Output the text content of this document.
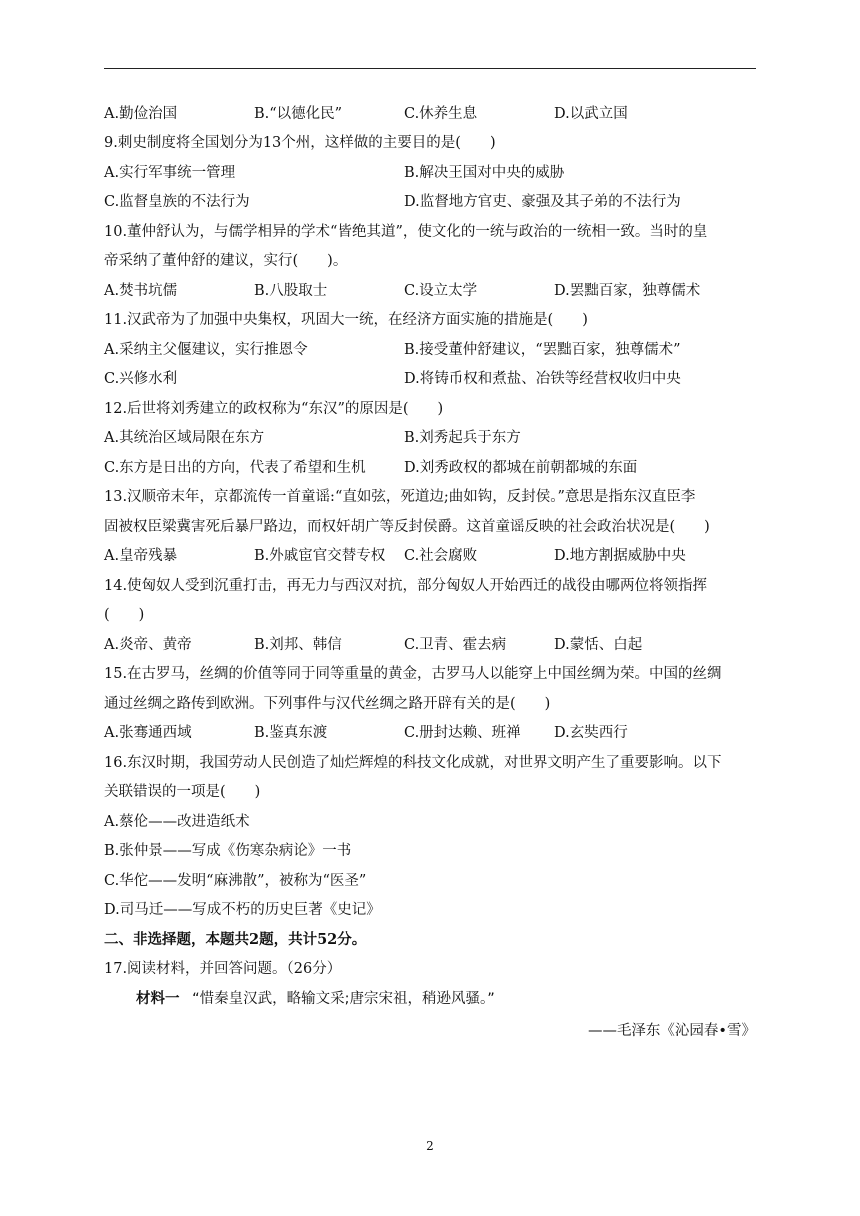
A.勤俭治国	B.“以德化民”	C.休养生息	D.以武立国
9.刺史制度将全国划分为13个州，这样做的主要目的是(　　)
A.实行军事统一管理	B.解决王国对中央的威胁
C.监督皇族的不法行为	D.监督地方官吏、豪强及其子弟的不法行为
10.董仲舒认为，与儒学相异的学术“皆绝其道”，使文化的一统与政治的一统相一致。当时的皇
帝采纳了董仲舒的建议，实行(　　)。
A.焚书坑儒	B.八股取士	C.设立太学	D.罢黜百家，独尊儒术
11.汉武帝为了加强中央集权，巩固大一统，在经济方面实施的措施是(　　)
A.采纳主父偃建议，实行推恩令	B.接受董仲舒建议，“罢黜百家，独尊儒术”
C.兴修水利	D.将铸币权和煮盐、冶铁等经营权收归中央
12.后世将刘秀建立的政权称为“东汉”的原因是(　　)
A.其统治区域局限在东方	B.刘秀起兵于东方
C.东方是日出的方向，代表了希望和生机	D.刘秀政权的都城在前朝都城的东面
13.汉顺帝末年，京都流传一首童谣:“直如弦，死道边;曲如钩，反封侯。”意思是指东汉直臣李
固被权臣梁冀害死后暴尸路边，而权奸胡广等反封侯爵。这首童谣反映的社会政治状况是(　　)
A.皇帝残暴	B.外戚宦官交替专权 C.社会腐败	D.地方割据威胁中央
14.使匈奴人受到沉重打击，再无力与西汉对抗，部分匈奴人开始西迁的战役由哪两位将领指挥
(　　)
A.炎帝、黄帝	B.刘邦、韩信	C.卫青、霍去病	D.蒙恬、白起
15.在古罗马，丝绸的价值等同于同等重量的黄金，古罗马人以能穿上中国丝绸为荣。中国的丝绸
通过丝绸之路传到欧洲。下列事件与汉代丝绸之路开辟有关的是(　　)
A.张骞通西域	B.鉴真东渡	C.册封达赖、班禅 D.玄奘西行
16.东汉时期，我国劳动人民创造了灿烂辉煌的科技文化成就，对世界文明产生了重要影响。以下
关联错误的一项是(　　)
A.蔡伦——改进造纸术
B.张仲景——写成《伤寒杂病论》一书
C.华佗——发明“麻沸散”，被称为“医圣”
D.司马迁——写成不朽的历史巨著《史记》
二、非选择题，本题共2题，共计52分。
17.阅读材料，并回答问题。（26分）
材料一 “惜秦皇汉武，略输文采;唐宗宋祖，稍逊风骚。”
——毛泽东《沁园春•雪》
2
